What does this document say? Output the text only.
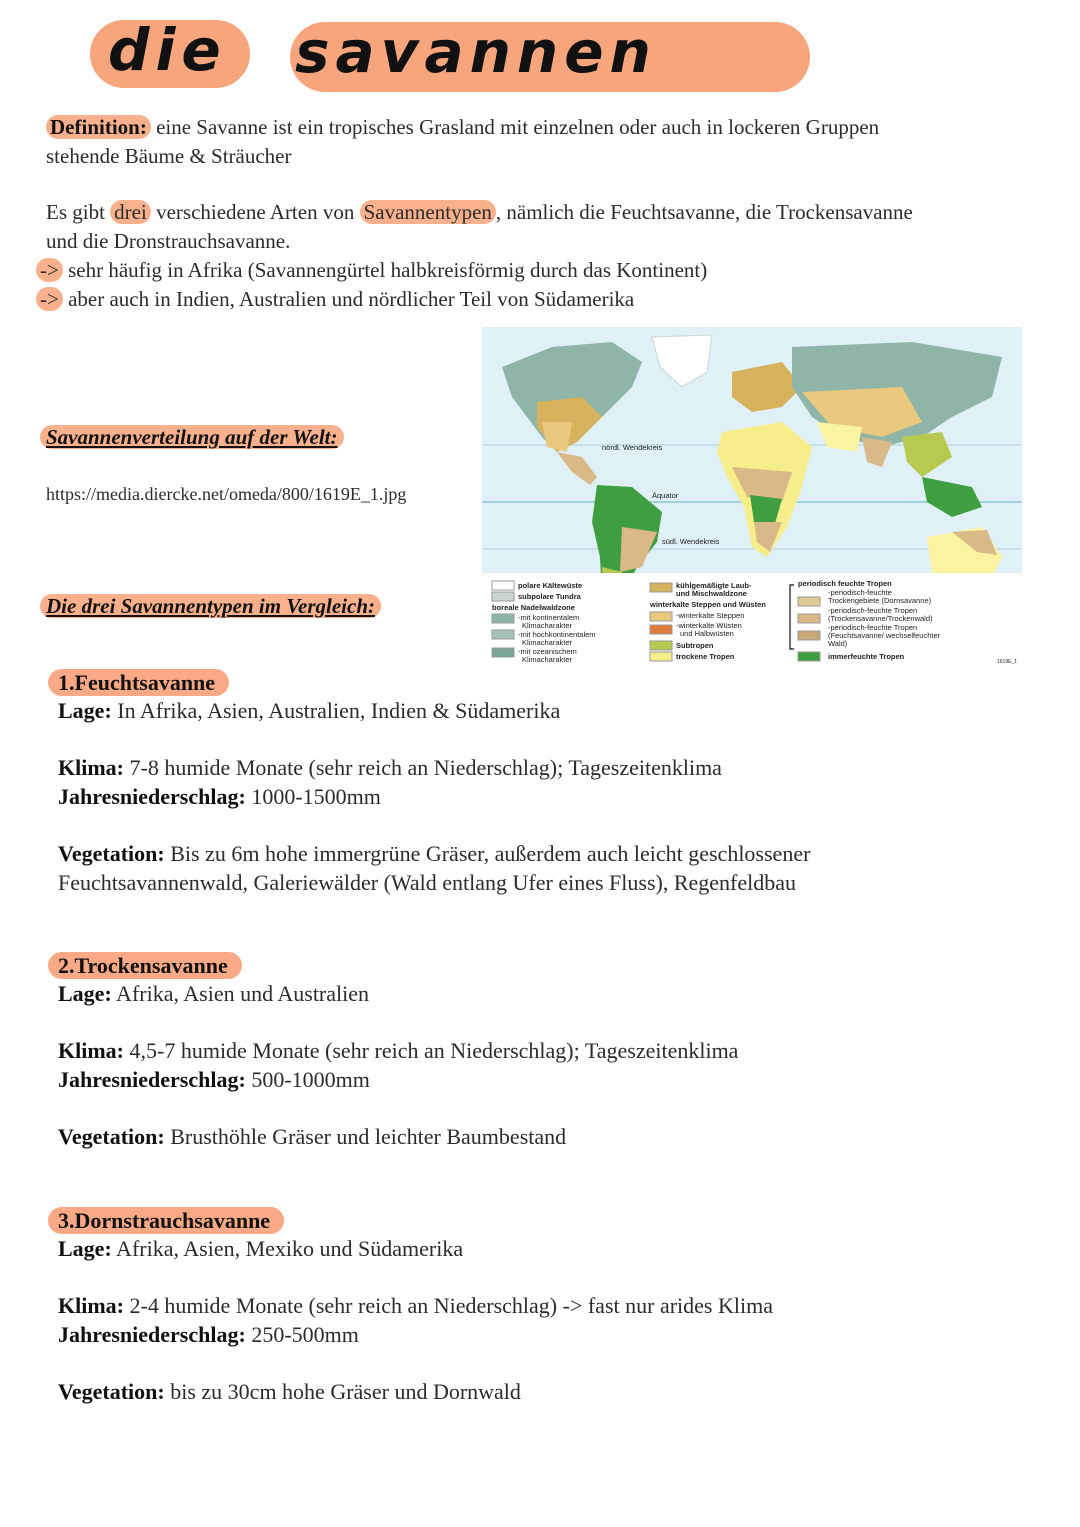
die savannen
Definition: eine Savanne ist ein tropisches Grasland mit einzelnen oder auch in lockeren Gruppen
stehende Bäume & Sträucher
Es gibt drei verschiedene Arten von Savannentypen , nämlich die Feuchtsavanne, die Trockensavanne
und die Dronstrauchsavanne.
-> sehr häufig in Afrika (Savannengürtel halbkreisförmig durch das Kontinent)
-> aber auch in Indien, Australien und nördlicher Teil von Südamerika
Savannenverteilung auf der Welt:
https://media.diercke.net/omeda/800/1619E_1.jpg
Die drei Savannentypen im Vergleich:
nördl. Wendekreis
Äquator
südl. Wendekreis
polare Kältewüste
subpolare Tundra
boreale Nadelwaldzone
-mit kontinentalem
Klimacharakter
-mit hochkontinentalem
Klimacharakter
-mit ozeanischem
Klimacharakter
kühlgemäßigte Laub-
und Mischwaldzone
winterkalte Steppen und Wüsten
-winterkalte Steppen
-winterkalte Wüsten
und Halbwüsten
Subtropen
trockene Tropen
periodisch feuchte Tropen
-periodisch-feuchte
Trockengebiete (Dornsavanne)
-periodisch-feuchte Tropen
(Trockensavanne/Trockenwald)
-periodisch-feuchte Tropen
(Feuchtsavanne/ wechselfeuchter
Wald)
immerfeuchte Tropen
1619E_1
1.Feuchtsavanne
Lage: In Afrika, Asien, Australien, Indien & Südamerika
Klima: 7-8 humide Monate (sehr reich an Niederschlag); Tageszeitenklima
Jahresniederschlag: 1000-1500mm
Vegetation: Bis zu 6m hohe immergrüne Gräser, außerdem auch leicht geschlossener
Feuchtsavannenwald, Galeriewälder (Wald entlang Ufer eines Fluss), Regenfeldbau
2.Trockensavanne
Lage: Afrika, Asien und Australien
Klima: 4,5-7 humide Monate (sehr reich an Niederschlag); Tageszeitenklima
Jahresniederschlag: 500-1000mm
Vegetation: Brusthöhle Gräser und leichter Baumbestand
3.Dornstrauchsavanne
Lage: Afrika, Asien, Mexiko und Südamerika
Klima: 2-4 humide Monate (sehr reich an Niederschlag) -> fast nur arides Klima
Jahresniederschlag: 250-500mm
Vegetation: bis zu 30cm hohe Gräser und Dornwald
